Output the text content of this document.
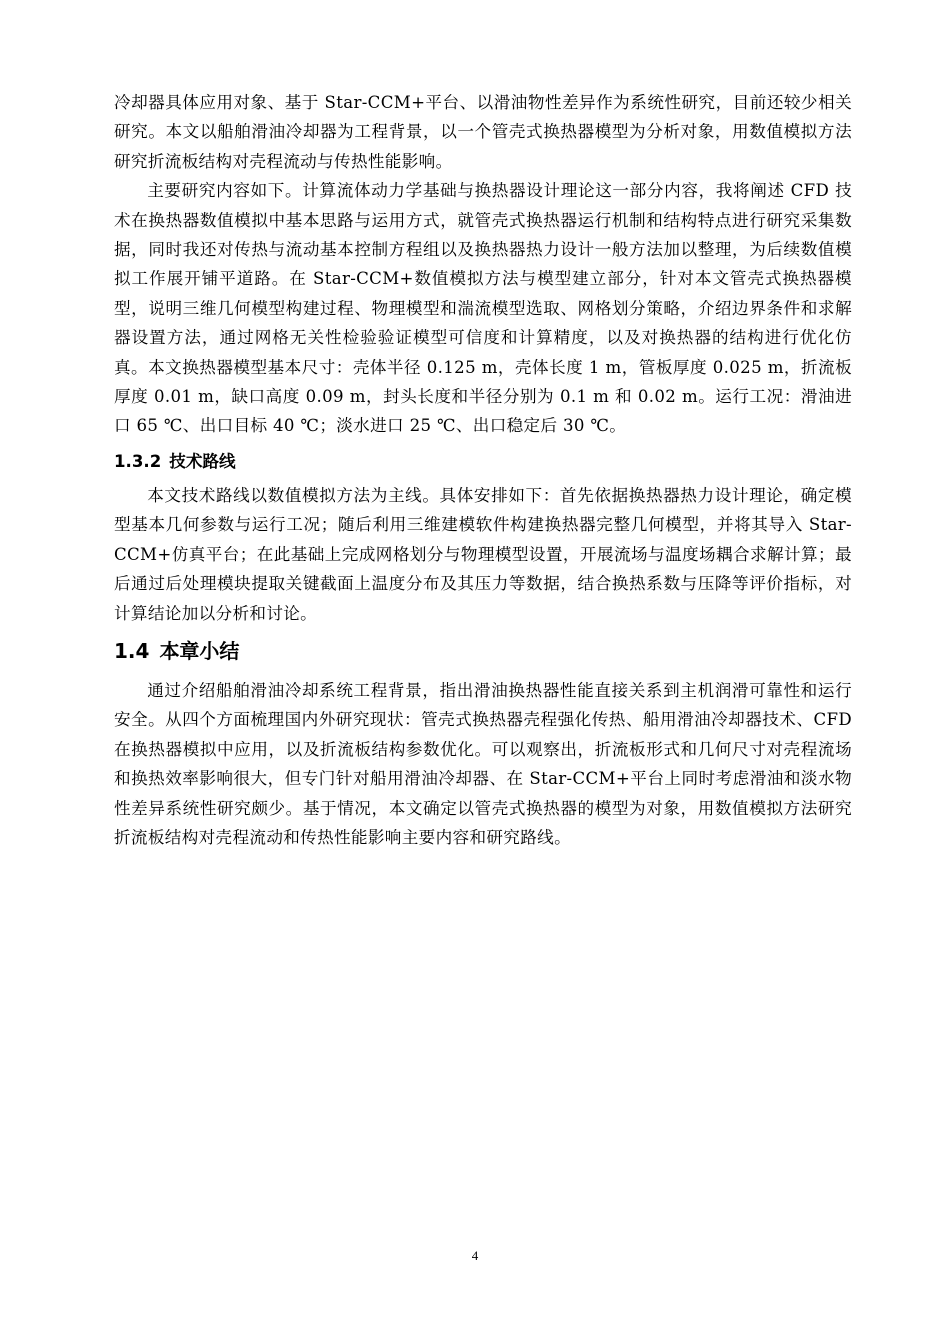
冷却器具体应用对象、基于 Star-CCM+平台、以滑油物性差异作为系统性研究，目前还较少相关研究。本文以船舶滑油冷却器为工程背景，以一个管壳式换热器模型为分析对象，用数值模拟方法研究折流板结构对壳程流动与传热性能影响。

主要研究内容如下。计算流体动力学基础与换热器设计理论这一部分内容，我将阐述 CFD 技术在换热器数值模拟中基本思路与运用方式，就管壳式换热器运行机制和结构特点进行研究采集数据，同时我还对传热与流动基本控制方程组以及换热器热力设计一般方法加以整理，为后续数值模拟工作展开铺平道路。在 Star-CCM+数值模拟方法与模型建立部分，针对本文管壳式换热器模型，说明三维几何模型构建过程、物理模型和湍流模型选取、网格划分策略，介绍边界条件和求解器设置方法，通过网格无关性检验验证模型可信度和计算精度，以及对换热器的结构进行优化仿真。本文换热器模型基本尺寸：壳体半径 0.125 m，壳体长度 1 m，管板厚度 0.025 m，折流板厚度 0.01 m，缺口高度 0.09 m，封头长度和半径分别为 0.1 m 和 0.02 m。运行工况：滑油进口 65 ℃、出口目标 40 ℃；淡水进口 25 ℃、出口稳定后 30 ℃。

1.3.2 技术路线

本文技术路线以数值模拟方法为主线。具体安排如下：首先依据换热器热力设计理论，确定模型基本几何参数与运行工况；随后利用三维建模软件构建换热器完整几何模型，并将其导入 Star-CCM+仿真平台；在此基础上完成网格划分与物理模型设置，开展流场与温度场耦合求解计算；最后通过后处理模块提取关键截面上温度分布及其压力等数据，结合换热系数与压降等评价指标，对计算结论加以分析和讨论。

1.4 本章小结

通过介绍船舶滑油冷却系统工程背景，指出滑油换热器性能直接关系到主机润滑可靠性和运行安全。从四个方面梳理国内外研究现状：管壳式换热器壳程强化传热、船用滑油冷却器技术、CFD 在换热器模拟中应用，以及折流板结构参数优化。可以观察出，折流板形式和几何尺寸对壳程流场和换热效率影响很大，但专门针对船用滑油冷却器、在 Star-CCM+平台上同时考虑滑油和淡水物性差异系统性研究颇少。基于情况，本文确定以管壳式换热器的模型为对象，用数值模拟方法研究折流板结构对壳程流动和传热性能影响主要内容和研究路线。

4
